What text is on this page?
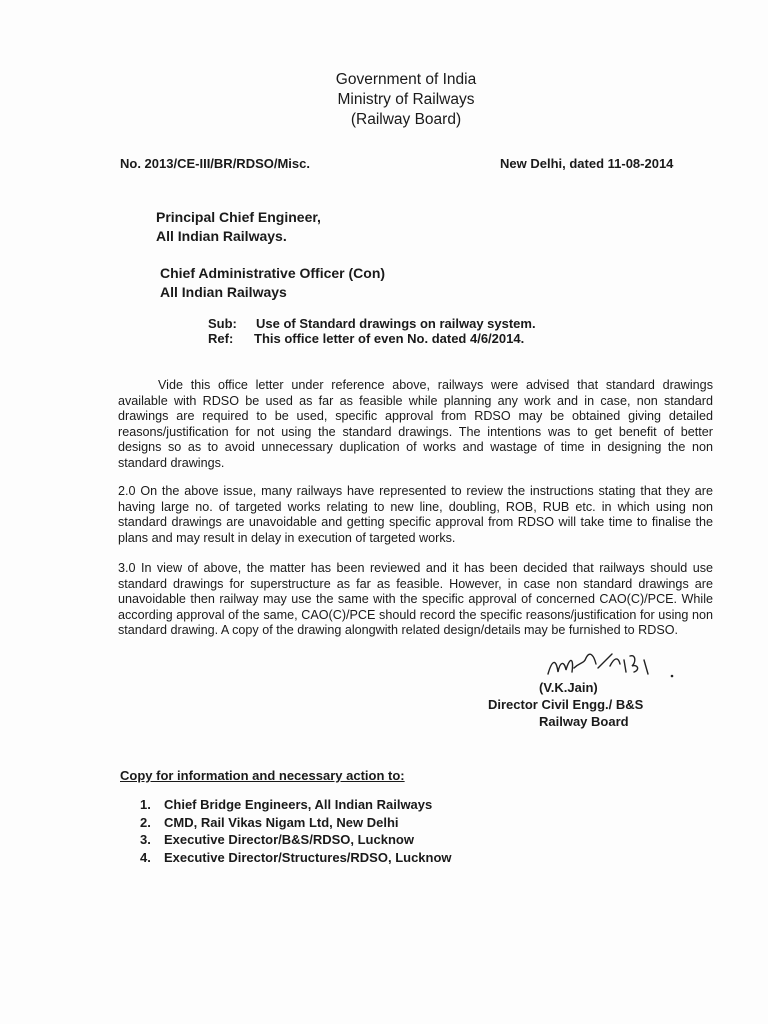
Government of India
Ministry of Railways
(Railway Board)
No. 2013/CE-III/BR/RDSO/Misc.	New Delhi, dated 11-08-2014
Principal Chief Engineer,
All Indian Railways.
Chief Administrative Officer (Con)
All Indian Railways
Sub: Use of Standard drawings on railway system.
Ref: This office letter of even No. dated 4/6/2014.
Vide this office letter under reference above, railways were advised that standard drawings available with RDSO be used as far as feasible while planning any work and in case, non standard drawings are required to be used, specific approval from RDSO may be obtained giving detailed reasons/justification for not using the standard drawings. The intentions was to get benefit of better designs so as to avoid unnecessary duplication of works and wastage of time in designing the non standard drawings.
2.0 On the above issue, many railways have represented to review the instructions stating that they are having large no. of targeted works relating to new line, doubling, ROB, RUB etc. in which using non standard drawings are unavoidable and getting specific approval from RDSO will take time to finalise the plans and may result in delay in execution of targeted works.
3.0 In view of above, the matter has been reviewed and it has been decided that railways should use standard drawings for superstructure as far as feasible. However, in case non standard drawings are unavoidable then railway may use the same with the specific approval of concerned CAO(C)/PCE. While according approval of the same, CAO(C)/PCE should record the specific reasons/justification for using non standard drawing. A copy of the drawing alongwith related design/details may be furnished to RDSO.
(V.K.Jain)
Director Civil Engg./ B&S
Railway Board
Copy for information and necessary action to:
1.	Chief Bridge Engineers, All Indian Railways
2.	CMD, Rail Vikas Nigam Ltd, New Delhi
3.	Executive Director/B&S/RDSO, Lucknow
4.	Executive Director/Structures/RDSO, Lucknow
